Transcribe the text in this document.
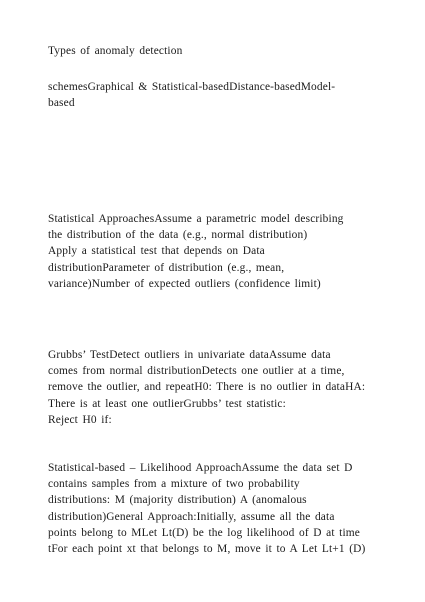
Types of anomaly detection
schemesGraphical & Statistical-basedDistance-basedModel-
based
Statistical ApproachesAssume a parametric model describing
the distribution of the data (e.g., normal distribution)
Apply a statistical test that depends on Data
distributionParameter of distribution (e.g., mean,
variance)Number of expected outliers (confidence limit)
Grubbs’ TestDetect outliers in univariate dataAssume data
comes from normal distributionDetects one outlier at a time,
remove the outlier, and repeatH0: There is no outlier in dataHA:
There is at least one outlierGrubbs’ test statistic:
Reject H0 if:
Statistical-based – Likelihood ApproachAssume the data set D
contains samples from a mixture of two probability
distributions: M (majority distribution) A (anomalous
distribution)General Approach:Initially, assume all the data
points belong to MLet Lt(D) be the log likelihood of D at time
tFor each point xt that belongs to M, move it to A Let Lt+1 (D)
